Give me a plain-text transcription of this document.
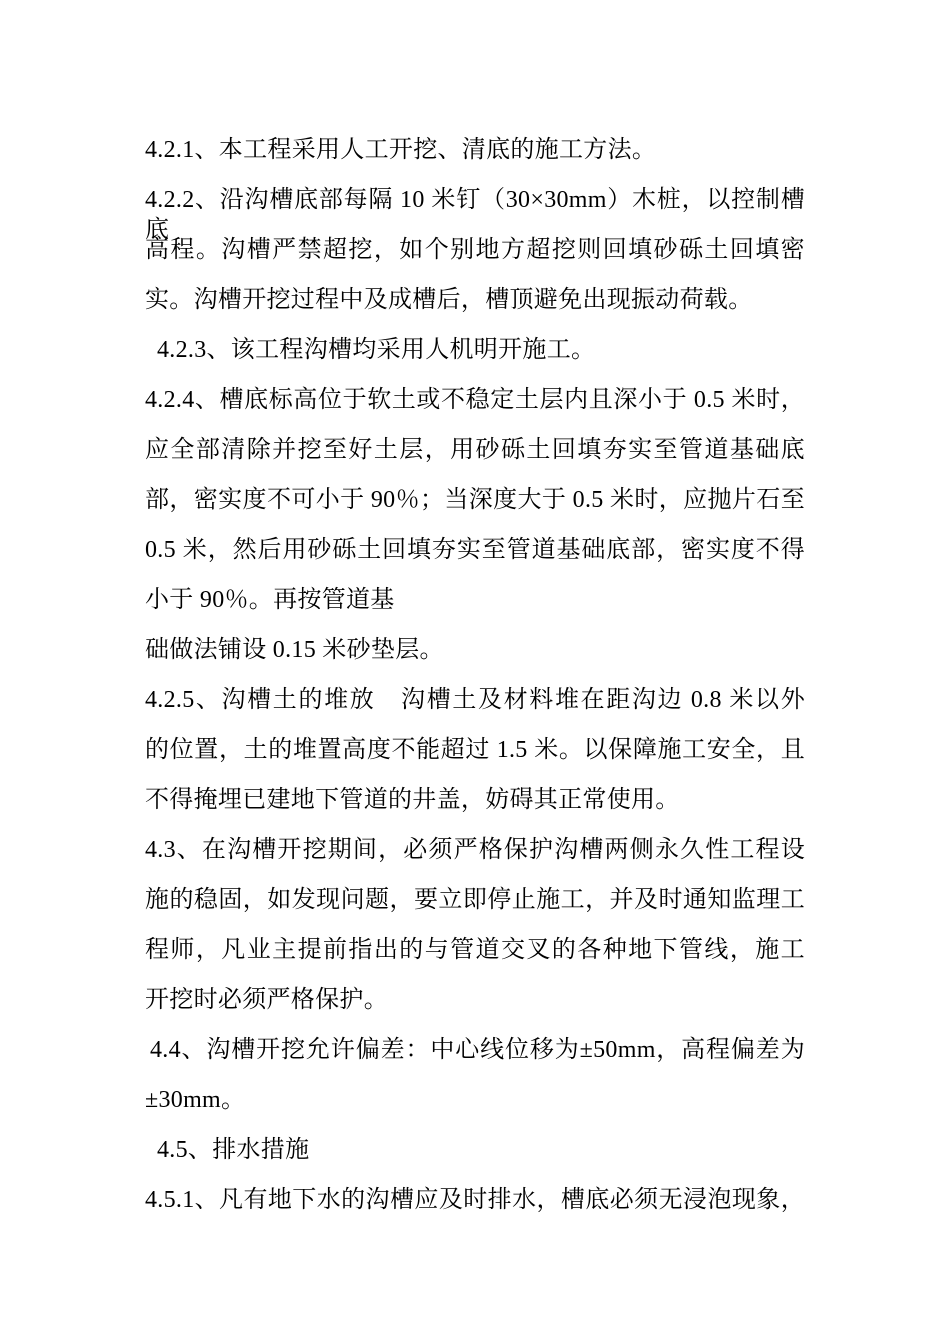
4.2.1、本工程采用人工开挖、清底的施工方法。
4.2.2、沿沟槽底部每隔 10 米钉（30×30mm）木桩，以控制槽底
高程。沟槽严禁超挖，如个别地方超挖则回填砂砾土回填密
实。沟槽开挖过程中及成槽后，槽顶避免出现振动荷载。
4.2.3、该工程沟槽均采用人机明开施工。
4.2.4、槽底标高位于软土或不稳定土层内且深小于 0.5 米时，
应全部清除并挖至好土层，用砂砾土回填夯实至管道基础底
部，密实度不可小于 90％；当深度大于 0.5 米时，应抛片石至
0.5 米，然后用砂砾土回填夯实至管道基础底部，密实度不得
小于 90％。再按管道基
础做法铺设 0.15 米砂垫层。
4.2.5、沟槽土的堆放　沟槽土及材料堆在距沟边 0.8 米以外
的位置，土的堆置高度不能超过 1.5 米。以保障施工安全，且
不得掩埋已建地下管道的井盖，妨碍其正常使用。
4.3、在沟槽开挖期间，必须严格保护沟槽两侧永久性工程设
施的稳固，如发现问题，要立即停止施工，并及时通知监理工
程师，凡业主提前指出的与管道交叉的各种地下管线，施工
开挖时必须严格保护。
4.4、沟槽开挖允许偏差：中心线位移为±50mm，高程偏差为
±30mm。
4.5、排水措施
4.5.1、凡有地下水的沟槽应及时排水，槽底必须无浸泡现象，
